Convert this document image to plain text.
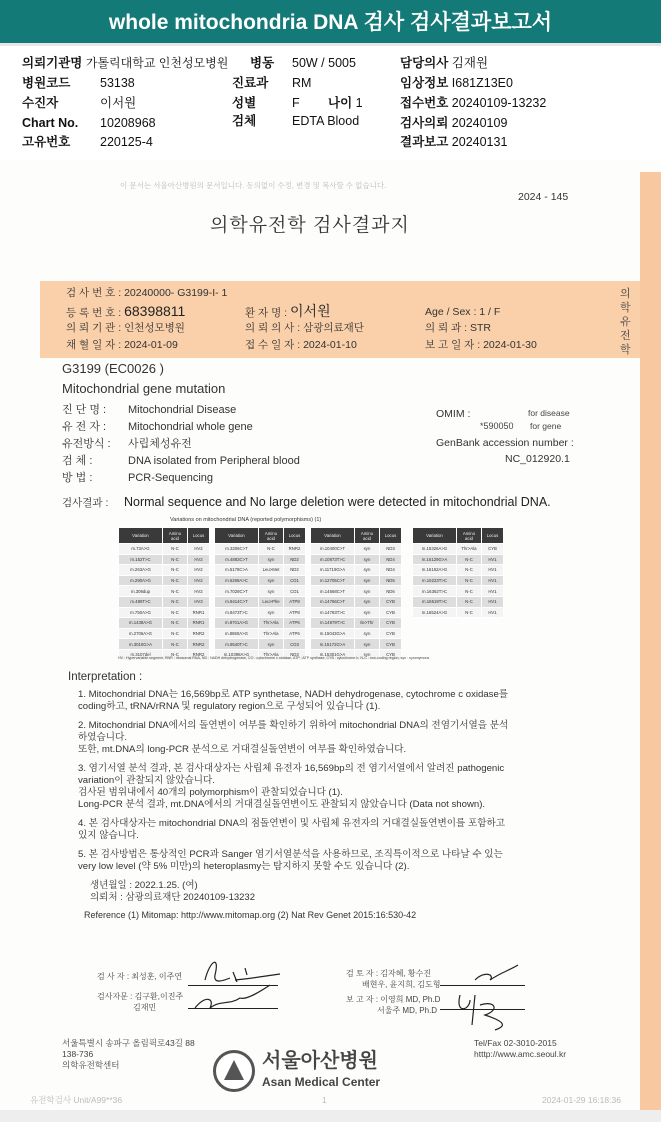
whole mitochondria DNA 검사 검사결과보고서
의뢰기관명 가톨릭대학교 인천성모병원 병동 50W / 5005	담당의사 김재원
병원코드 53138	진료과 RM	임상정보 I681Z13E0
수진자	이서원	성별	F 나이 1	접수번호 20240109-13232
Chart No. 10208968	검체	EDTA Blood	검사의뢰 20240109
고유번호 220125-4	결과보고 20240131
이 문서는 서울아산병원의 문서입니다. 동의없이 수정, 변경 및 복사할 수 없습니다.
2024 - 145
의학유전학 검사결과지
의학유전학
검 사 번 호 : 20240000- G3199-I- 1
등 록 번 호 : 68398811	환 자 명 : 이서원	Age / Sex : 1 / F
의 뢰 기 관 : 인천성모병원	의 뢰 의 사 : 삼광의료재단	의 뢰 과 : STR
채 혈 일 자 : 2024-01-09	접 수 일 자 : 2024-01-10	보 고 일 자 : 2024-01-30
G3199 (EC0026 )
Mitochondrial gene mutation
진 단 명 : Mitochondrial Disease
유 전 자 : Mitochondrial whole gene
유전방식 : 사립체성유전
검 체 :	DNA isolated from Peripheral blood
방 법 :	PCR-Sequencing
OMIM :	for disease
*590050 for gene
GenBank accession number :
NC_012920.1
검사결과 : Normal sequence and No large deletion were detected in mitochondrial DNA.
Variations on mitochondrial DNA (reported polymorphisms) (1)
Variation	Amino acid	Locus
m.73A>G	N-C	HV2
m.152T>C	N-C	HV2
m.263A>G	N-C	HV2
m.290A>G	N-C	HV2
m.309dup	N-C	HV2
m.489T>C	N-C	HV3
m.750A>G	N-C	RNR1
m.1438A>G	N-C	RNR1
m.2706A>G	N-C	RNR2
m.3010G>A	N-C	RNR2
m.3107del	N-C	RNR2
Variation	Amino acid	Locus
m.3206C>T	N-C	RNR2
m.4883C>T	syn	ND2
m.5178C>A	Leu>Met	ND2
m.6269A>C	syn	CO1
m.7028C>T	syn	CO1
m.8414C>T	Leu>Phe	ATP8
m.8473T>C	syn	ATP8
m.8701A>G	Thr>Ala	ATP6
m.8860A>G	Thr>Ala	ATP6
m.9540T>C	syn	CO3
m.10398A>G	Thr>Ala	ND3
Variation	Amino acid	Locus
m.10400C>T	syn	ND3
m.10873T>C	syn	ND4
m.11719G>A	syn	ND4
m.12705C>T	syn	ND5
m.14668C>T	syn	ND6
m.14766C>T	syn	CYB
m.14783T>C	syn	CYB
m.14979T>C	Ile>Thr	CYB
m.15043G>A	syn	CYB
m.15172G>A	syn	CYB
m.15301G>A	syn	CYB
Variation	Amino acid	Locus
m.15326A>G	Thr>Ala	CYB
m.16129G>A	N-C	HV1
m.16162A>G	N-C	HV1
m.16223T>C	N-C	HV1
m.16362T>C	N-C	HV1
m.16519T>C	N-C	HV1
m.16524A>G	N-C	HV1
HV : Hypervariable segment, RNR : ribosomal RNA, ND : NADH dehydrogenase, CO : cytochrome c oxidase, ATP : ATP synthase, CYB : cytochrome b, N-C : non-coding region, syn : synonymous
Interpretation :

1. Mitochondrial DNA는 16,569bp로 ATP synthetase, NADH dehydrogenase, cytochrome c oxidase를
coding하고, tRNA/rRNA 및 regulatory region으로 구성되어 있습니다 (1).

2. Mitochondrial DNA에서의 돌연변이 여부를 확인하기 위하여 mitochondrial DNA의 전염기서열을 분석
하였습니다.
또한, mt.DNA의 long-PCR 분석으로 거대결실돌연변이 여부를 확인하였습니다.

3. 염기서열 분석 결과, 본 검사대상자는 사립체 유전자 16,569bp의 전 염기서열에서 알려진 pathogenic
variation이 관찰되지 않았습니다.
검사된 범위내에서 40개의 polymorphism이 관찰되었습니다 (1).
Long-PCR 분석 결과, mt.DNA에서의 거대결실돌연변이도 관찰되지 않았습니다 (Data not shown).

4. 본 검사대상자는 mitochondrial DNA의 점돌연변이 및 사립체 유전자의 거대결실돌연변이를 포함하고
있지 않습니다.

5. 본 검사방법은 통상적인 PCR과 Sanger 염기서열분석을 사용하므로, 조직특이적으로 나타날 수 있는
very low level (약 5% 미만)의 heteroplasmy는 탐지하지 못할 수도 있습니다 (2).

생년월일 : 2022.1.25. (여)
의뢰처 : 삼광의료재단 20240109-13232
Reference (1) Mitomap: http://www.mitomap.org (2) Nat Rev Genet 2015:16:530-42
검 사 자 : 최성훈, 이주연
검사자문 : 김구환,이진주
김재민
검 토 자 : 김자혜, 황수진
배현우, 윤지희, 김도형
보 고 자 : 이영희 MD, Ph.D
서울주 MD, Ph.D
서울특별시 송파구 올림픽로43길 88
138-736
의학유전학센터
Tel/Fax 02-3010-2015
htttp://www.amc.seoul.kr
서울아산병원
Asan Medical Center
유전학검사 Unit/A99**36	1	2024-01-29 16:18:36
